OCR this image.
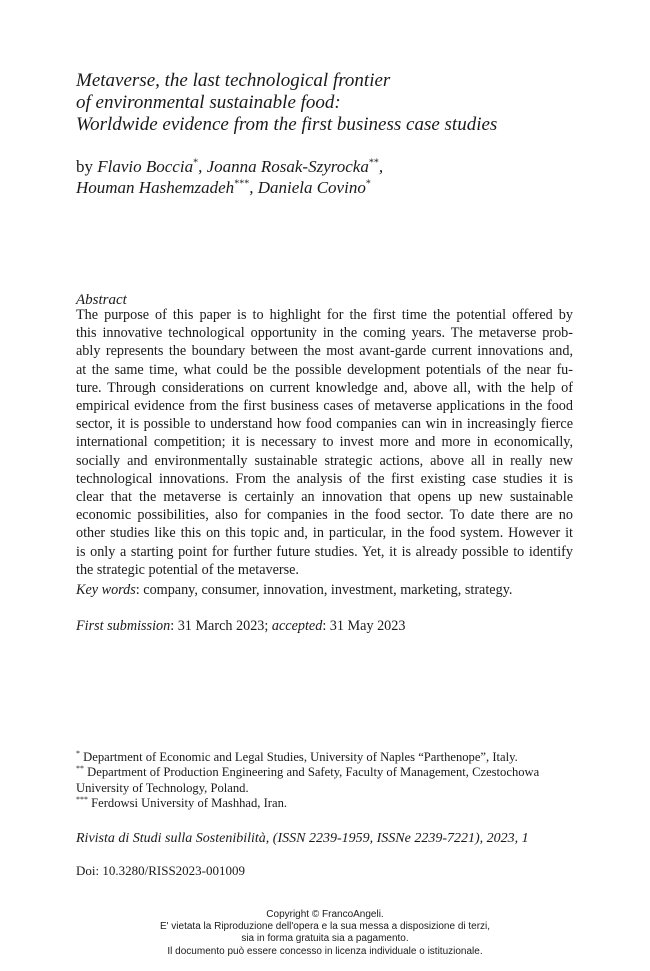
Metaverse, the last technological frontier
of environmental sustainable food:
Worldwide evidence from the first business case studies
by Flavio Boccia*, Joanna Rosak-Szyrocka**,
Houman Hashemzadeh***, Daniela Covino*
Abstract
The purpose of this paper is to highlight for the first time the potential offered by
this innovative technological opportunity in the coming years. The metaverse prob-
ably represents the boundary between the most avant-garde current innovations and,
at the same time, what could be the possible development potentials of the near fu-
ture. Through considerations on current knowledge and, above all, with the help of
empirical evidence from the first business cases of metaverse applications in the food
sector, it is possible to understand how food companies can win in increasingly fierce
international competition; it is necessary to invest more and more in economically,
socially and environmentally sustainable strategic actions, above all in really new
technological innovations. From the analysis of the first existing case studies it is
clear that the metaverse is certainly an innovation that opens up new sustainable
economic possibilities, also for companies in the food sector. To date there are no
other studies like this on this topic and, in particular, in the food system. However it
is only a starting point for further future studies. Yet, it is already possible to identify
the strategic potential of the metaverse.
Key words: company, consumer, innovation, investment, marketing, strategy.
First submission: 31 March 2023; accepted: 31 May 2023
* Department of Economic and Legal Studies, University of Naples “Parthenope”, Italy.
** Department of Production Engineering and Safety, Faculty of Management, Czestochowa
University of Technology, Poland.
*** Ferdowsi University of Mashhad, Iran.
Rivista di Studi sulla Sostenibilità, (ISSN 2239-1959, ISSNe 2239-7221), 2023, 1
Doi: 10.3280/RISS2023-001009
Copyright © FrancoAngeli.
E' vietata la Riproduzione dell'opera e la sua messa a disposizione di terzi,
sia in forma gratuita sia a pagamento.
Il documento può essere concesso in licenza individuale o istituzionale.
